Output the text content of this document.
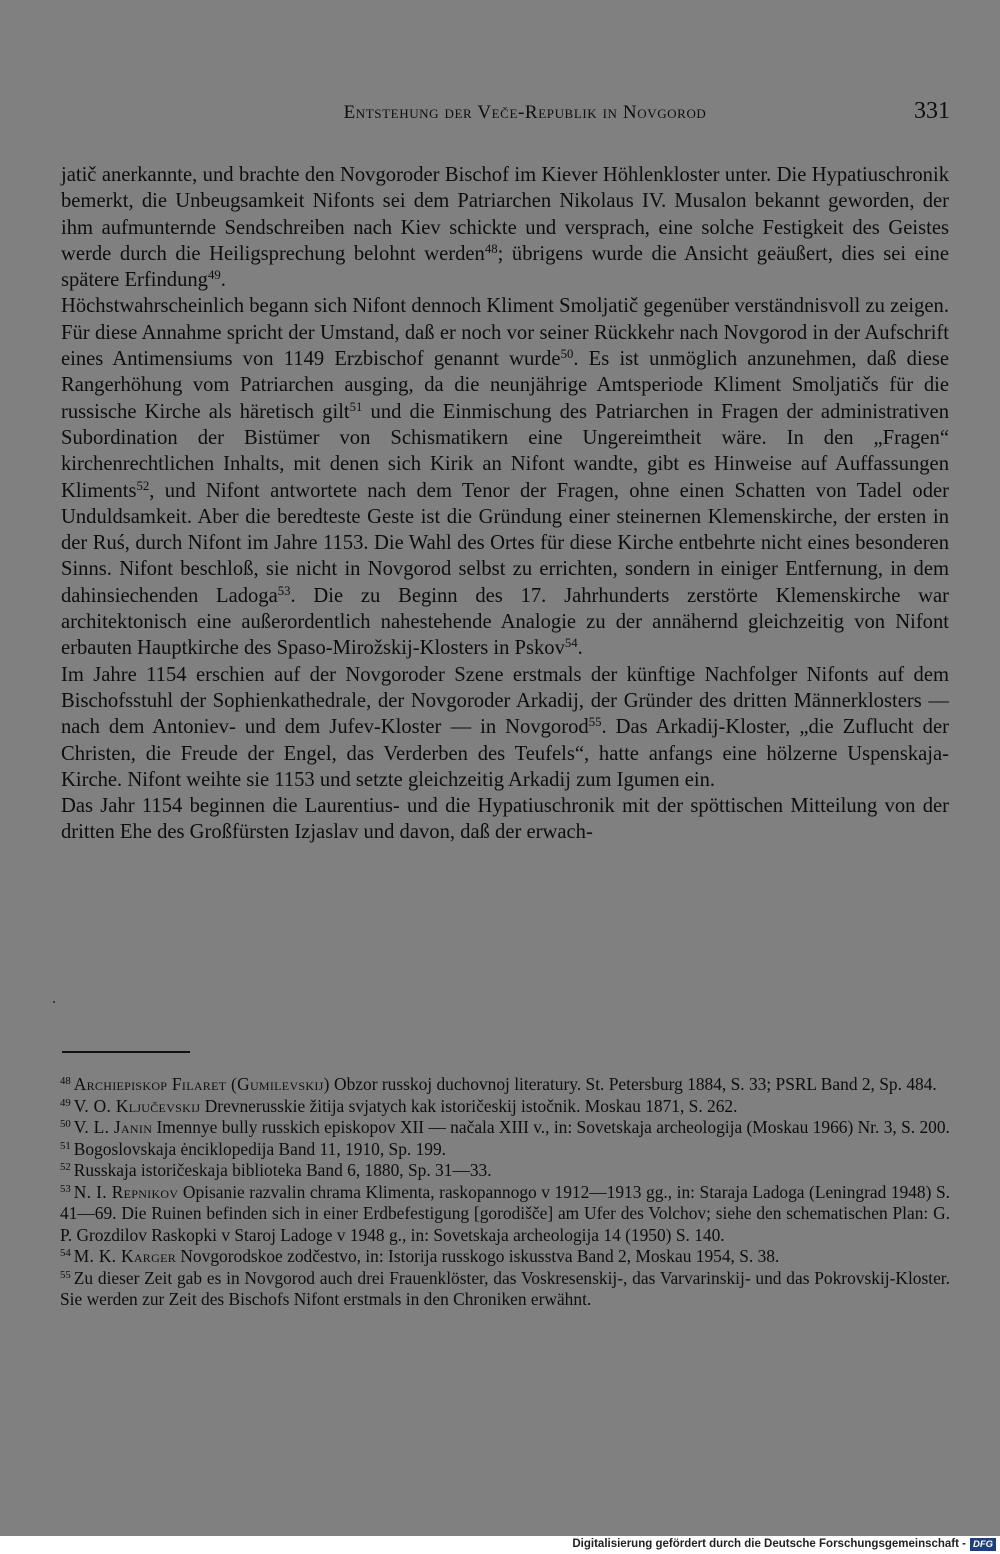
Entstehung der Veče-Republik in Novgorod	331

jatič anerkannte, und brachte den Novgoroder Bischof im Kiever Höhlenkloster unter. Die Hypatiuschronik bemerkt, die Unbeugsamkeit Nifonts sei dem Patriarchen Nikolaus IV. Musalon bekannt geworden, der ihm aufmunternde Sendschreiben nach Kiev schickte und versprach, eine solche Festigkeit des Geistes werde durch die Heiligsprechung belohnt werden$^{48}$; übrigens wurde die Ansicht geäußert, dies sei eine spätere Erfindung$^{49}$.

Höchstwahrscheinlich begann sich Nifont dennoch Kliment Smoljatič gegenüber verständnisvoll zu zeigen. Für diese Annahme spricht der Umstand, daß er noch vor seiner Rückkehr nach Novgorod in der Aufschrift eines Antimensiums von 1149 Erzbischof genannt wurde$^{50}$. Es ist unmöglich anzunehmen, daß diese Rangerhöhung vom Patriarchen ausging, da die neunjährige Amtsperiode Kliment Smoljatičs für die russische Kirche als häretisch gilt$^{51}$ und die Einmischung des Patriarchen in Fragen der administrativen Subordination der Bistümer von Schismatikern eine Ungereimtheit wäre. In den „Fragen“ kirchenrechtlichen Inhalts, mit denen sich Kirik an Nifont wandte, gibt es Hinweise auf Auffassungen Kliments$^{52}$, und Nifont antwortete nach dem Tenor der Fragen, ohne einen Schatten von Tadel oder Unduldsamkeit. Aber die beredteste Geste ist die Gründung einer steinernen Klemenskirche, der ersten in der Ruś, durch Nifont im Jahre 1153. Die Wahl des Ortes für diese Kirche entbehrte nicht eines besonderen Sinns. Nifont beschloß, sie nicht in Novgorod selbst zu errichten, sondern in einiger Entfernung, in dem dahinsiechenden Ladoga$^{53}$. Die zu Beginn des 17. Jahrhunderts zerstörte Klemenskirche war architektonisch eine außerordentlich nahestehende Analogie zu der annähernd gleichzeitig von Nifont erbauten Hauptkirche des Spaso-Mirožskij-Klosters in Pskov$^{54}$.

Im Jahre 1154 erschien auf der Novgoroder Szene erstmals der künftige Nachfolger Nifonts auf dem Bischofsstuhl der Sophienkathedrale, der Novgoroder Arkadij, der Gründer des dritten Männerklosters — nach dem Antoniev- und dem Jufev-Kloster — in Novgorod$^{55}$. Das Arkadij-Kloster, „die Zuflucht der Christen, die Freude der Engel, das Verderben des Teufels“, hatte anfangs eine hölzerne Uspenskaja-Kirche. Nifont weihte sie 1153 und setzte gleichzeitig Arkadij zum Igumen ein.

Das Jahr 1154 beginnen die Laurentius- und die Hypatiuschronik mit der spöttischen Mitteilung von der dritten Ehe des Großfürsten Izjaslav und davon, daß der erwach-

·

$^{48}$ Archiepiskop Filaret (Gumilevskij) Obzor russkoj duchovnoj literatury. St. Petersburg 1884, S. 33; PSRL Band 2, Sp. 484.

$^{49}$ V. O. Ključevskij Drevnerusskie žitija svjatych kak istoričeskij istočnik. Moskau 1871, S. 262.

$^{50}$ V. L. Janin Imennye bully russkich episkopov XII — načala XIII v., in: Sovetskaja archeologija (Moskau 1966) Nr. 3, S. 200.

$^{51}$ Bogoslovskaja ėnciklopedija Band 11, 1910, Sp. 199.

$^{52}$ Russkaja istoričeskaja biblioteka Band 6, 1880, Sp. 31—33.

$^{53}$ N. I. Repnikov Opisanie razvalin chrama Klimenta, raskopannogo v 1912—1913 gg., in: Staraja Ladoga (Leningrad 1948) S. 41—69. Die Ruinen befinden sich in einer Erdbefestigung [gorodišče] am Ufer des Volchov; siehe den schematischen Plan: G. P. Grozdilov Raskopki v Staroj Ladoge v 1948 g., in: Sovetskaja archeologija 14 (1950) S. 140.

$^{54}$ M. K. Karger Novgorodskoe zodčestvo, in: Istorija russkogo iskusstva Band 2, Moskau 1954, S. 38.

$^{55}$ Zu dieser Zeit gab es in Novgorod auch drei Frauenklöster, das Voskresenskij-, das Varvarinskij- und das Pokrovskij-Kloster. Sie werden zur Zeit des Bischofs Nifont erstmals in den Chroniken erwähnt.

Digitalisierung gefördert durch die Deutsche Forschungsgemeinschaft - DFG
